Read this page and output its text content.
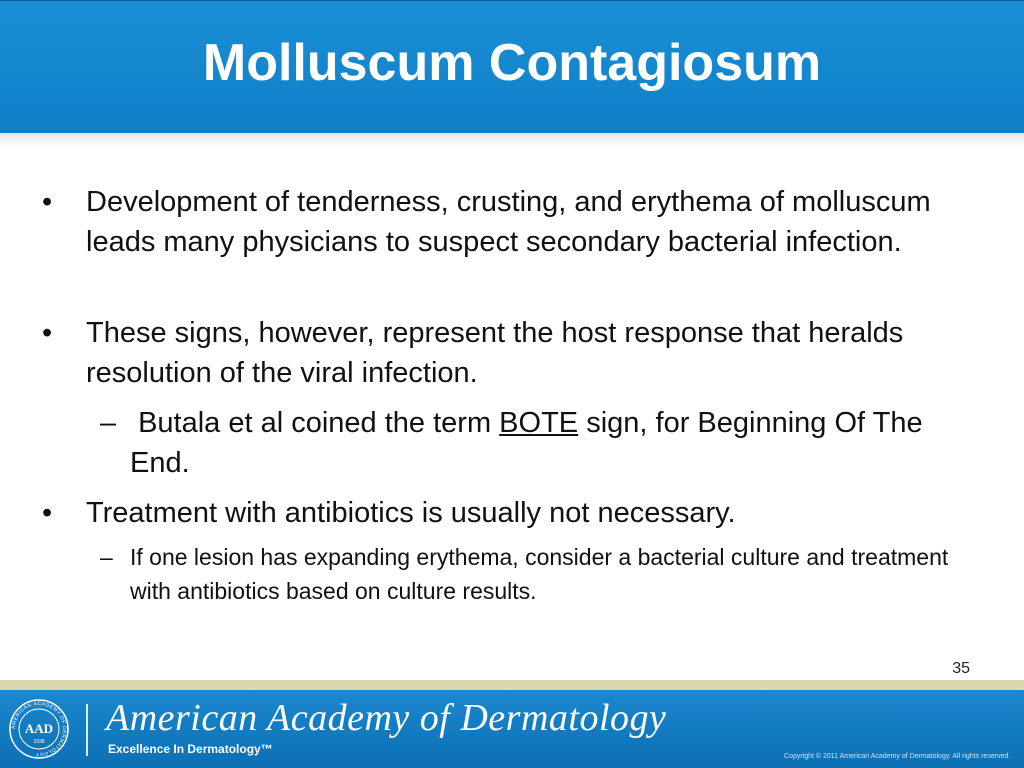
Molluscum Contagiosum
• Development of tenderness, crusting, and erythema of molluscum leads many physicians to suspect secondary bacterial infection.
• These signs, however, represent the host response that heralds resolution of the viral infection.
– Butala et al coined the term BOTE sign, for Beginning Of The End.
• Treatment with antibiotics is usually not necessary.
– If one lesion has expanding erythema, consider a bacterial culture and treatment with antibiotics based on culture results.
35
AMERICAN ACADEMY OF DERMATOLOGY
AAD
1938
American Academy of Dermatology
Excellence In Dermatology™
Copyright © 2011 American Academy of Dermatology. All rights reserved.
